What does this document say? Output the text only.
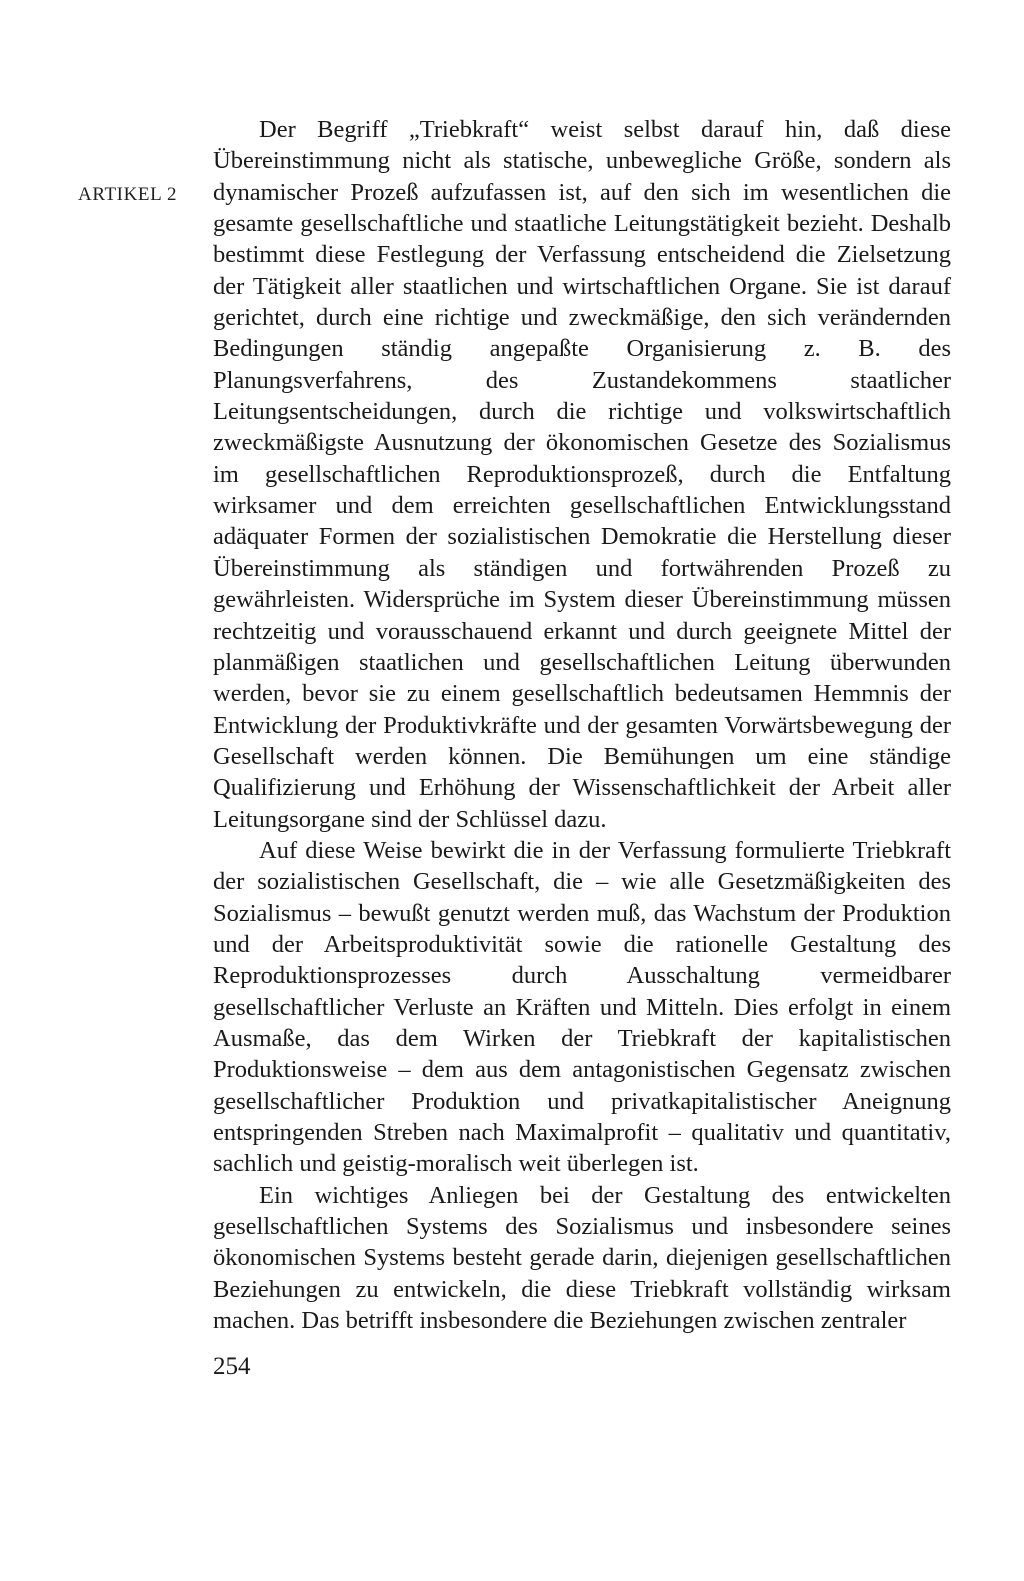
ARTIKEL 2

Der Begriff „Triebkraft“ weist selbst darauf hin, daß diese Übereinstimmung nicht als statische, unbewegliche Größe, sondern als dynamischer Prozeß aufzufassen ist, auf den sich im wesentlichen die gesamte gesellschaftliche und staatliche Leitungstätigkeit bezieht. Deshalb bestimmt diese Festlegung der Verfassung entscheidend die Zielsetzung der Tätigkeit aller staatlichen und wirtschaftlichen Organe. Sie ist darauf gerichtet, durch eine richtige und zweckmäßige, den sich verändernden Bedingungen ständig angepaßte Organisierung z. B. des Planungsverfahrens, des Zustandekommens staatlicher Leitungsentscheidungen, durch die richtige und volkswirtschaftlich zweckmäßigste Ausnutzung der ökonomischen Gesetze des Sozialismus im gesellschaftlichen Reproduktionsprozeß, durch die Entfaltung wirksamer und dem erreichten gesellschaftlichen Entwicklungsstand adäquater Formen der sozialistischen Demokratie die Herstellung dieser Übereinstimmung als ständigen und fortwährenden Prozeß zu gewährleisten. Widersprüche im System dieser Übereinstimmung müssen rechtzeitig und vorausschauend erkannt und durch geeignete Mittel der planmäßigen staatlichen und gesellschaftlichen Leitung überwunden werden, bevor sie zu einem gesellschaftlich bedeutsamen Hemmnis der Entwicklung der Produktivkräfte und der gesamten Vorwärtsbewegung der Gesellschaft werden können. Die Bemühungen um eine ständige Qualifizierung und Erhöhung der Wissenschaftlichkeit der Arbeit aller Leitungsorgane sind der Schlüssel dazu.

Auf diese Weise bewirkt die in der Verfassung formulierte Triebkraft der sozialistischen Gesellschaft, die – wie alle Gesetzmäßigkeiten des Sozialismus – bewußt genutzt werden muß, das Wachstum der Produktion und der Arbeitsproduktivität sowie die rationelle Gestaltung des Reproduktionsprozesses durch Ausschaltung vermeidbarer gesellschaftlicher Verluste an Kräften und Mitteln. Dies erfolgt in einem Ausmaße, das dem Wirken der Triebkraft der kapitalistischen Produktionsweise – dem aus dem antagonistischen Gegensatz zwischen gesellschaftlicher Produktion und privatkapitalistischer Aneignung entspringenden Streben nach Maximalprofit – qualitativ und quantitativ, sachlich und geistig-moralisch weit überlegen ist.

Ein wichtiges Anliegen bei der Gestaltung des entwickelten gesellschaftlichen Systems des Sozialismus und insbesondere seines ökonomischen Systems besteht gerade darin, diejenigen gesellschaftlichen Beziehungen zu entwickeln, die diese Triebkraft vollständig wirksam machen. Das betrifft insbesondere die Beziehungen zwischen zentraler

254
